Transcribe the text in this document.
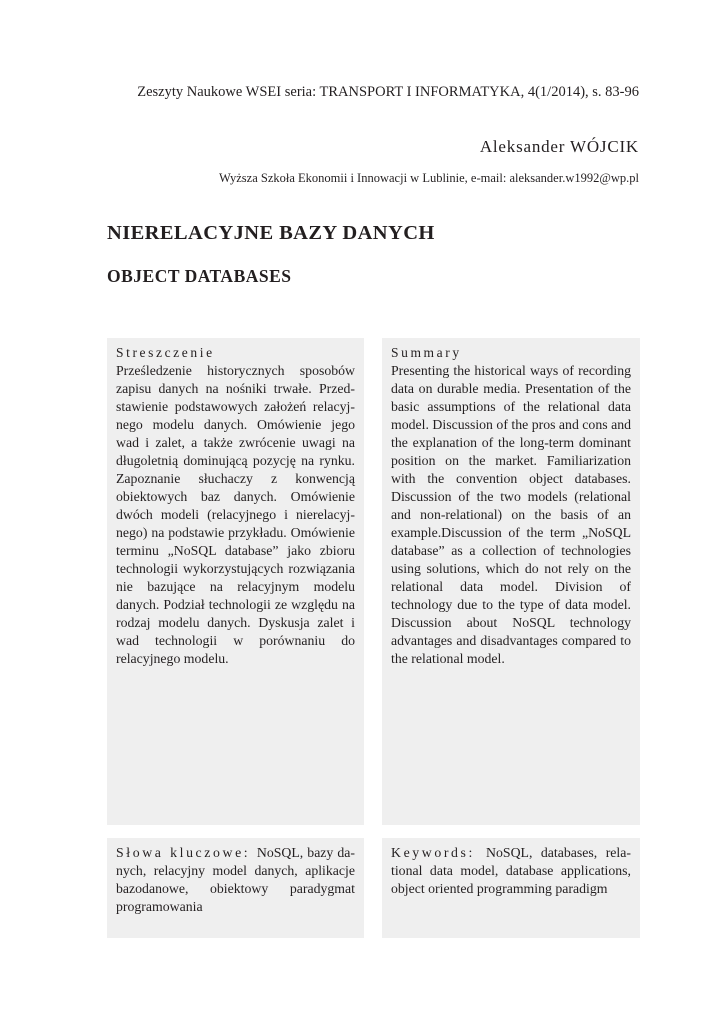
Zeszyty Naukowe WSEI seria: TRANSPORT I INFORMATYKA, 4(1/2014), s. 83-96
Aleksander WÓJCIK
Wyższa Szkoła Ekonomii i Innowacji w Lublinie, e-mail: aleksander.w1992@wp.pl
NIERELACYJNE BAZY DANYCH
OBJECT DATABASES
Streszczenie
Prześledzenie historycznych sposobów zapisu danych na nośniki trwałe. Przedstawienie podstawowych założeń relacyjnego modelu danych. Omówienie jego wad i zalet, a także zwrócenie uwagi na długoletnią dominującą pozycję na rynku. Zapoznanie słuchaczy z konwencją obiektowych baz danych. Omówienie dwóch modeli (relacyjnego i nierelacyjnego) na podstawie przykładu. Omówienie terminu „NoSQL database” jako zbioru technologii wykorzystujących rozwiązania nie bazujące na relacyjnym modelu danych. Podział technologii ze względu na rodzaj modelu danych. Dyskusja zalet i wad technologii w porównaniu do relacyjnego modelu.
Summary
Presenting the historical ways of recording data on durable media. Presentation of the basic assumptions of the relational data model. Discussion of the pros and cons and the explanation of the long-term dominant position on the market. Familiarization with the convention object databases. Discussion of the two models (relational and non-relational) on the basis of an example.Discussion of the term „NoSQL database” as a collection of technologies using solutions, which do not rely on the relational data model. Division of technology due to the type of data model. Discussion about NoSQL technology advantages and disadvantages compared to the relational model.
Słowa kluczowe: NoSQL, bazy danych, relacyjny model danych, aplikacje bazodanowe, obiektowy paradygmat programowania
Keywords: NoSQL, databases, relational data model, database applications, object oriented programming paradigm
